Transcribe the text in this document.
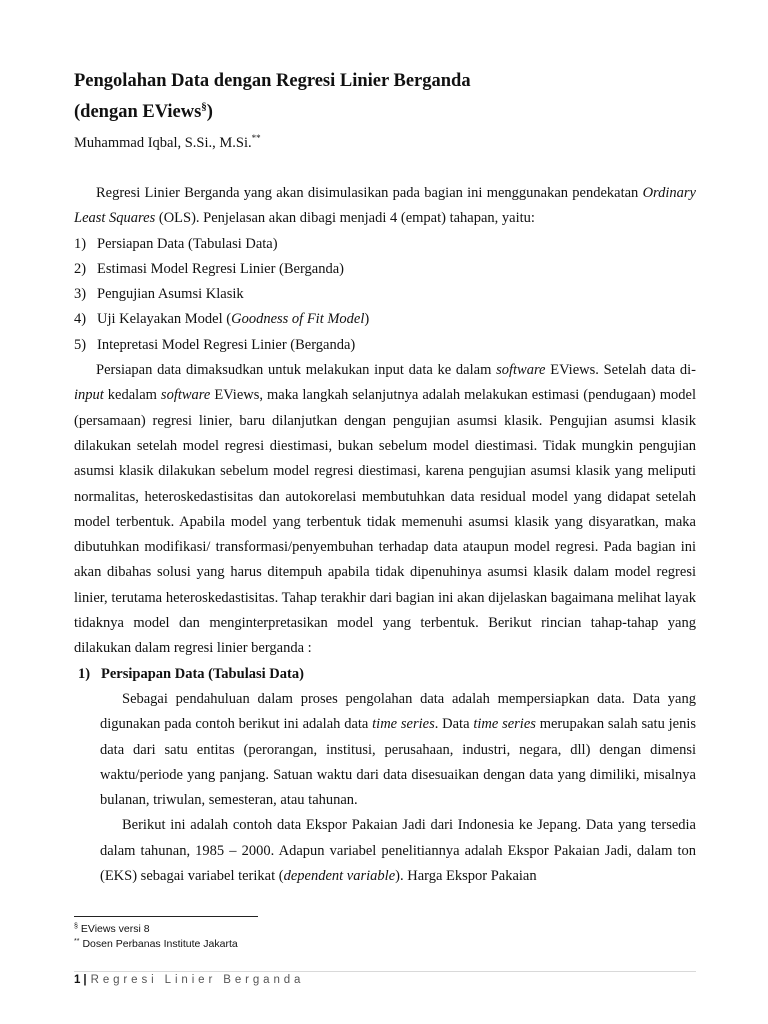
Pengolahan Data dengan Regresi Linier Berganda
(dengan EViews§)
Muhammad Iqbal, S.Si., M.Si.**

Regresi Linier Berganda yang akan disimulasikan pada bagian ini menggunakan pendekatan Ordinary Least Squares (OLS). Penjelasan akan dibagi menjadi 4 (empat) tahapan, yaitu:

1) Persiapan Data (Tabulasi Data)
2) Estimasi Model Regresi Linier (Berganda)
3) Pengujian Asumsi Klasik
4) Uji Kelayakan Model (Goodness of Fit Model)
5) Intepretasi Model Regresi Linier (Berganda)

Persiapan data dimaksudkan untuk melakukan input data ke dalam software EViews. Setelah data di-input kedalam software EViews, maka langkah selanjutnya adalah melakukan estimasi (pendugaan) model (persamaan) regresi linier, baru dilanjutkan dengan pengujian asumsi klasik. Pengujian asumsi klasik dilakukan setelah model regresi diestimasi, bukan sebelum model diestimasi. Tidak mungkin pengujian asumsi klasik dilakukan sebelum model regresi diestimasi, karena pengujian asumsi klasik yang meliputi normalitas, heteroskedastisitas dan autokorelasi membutuhkan data residual model yang didapat setelah model terbentuk. Apabila model yang terbentuk tidak memenuhi asumsi klasik yang disyaratkan, maka dibutuhkan modifikasi/ transformasi/penyembuhan terhadap data ataupun model regresi. Pada bagian ini akan dibahas solusi yang harus ditempuh apabila tidak dipenuhinya asumsi klasik dalam model regresi linier, terutama heteroskedastisitas. Tahap terakhir dari bagian ini akan dijelaskan bagaimana melihat layak tidaknya model dan menginterpretasikan model yang terbentuk. Berikut rincian tahap-tahap yang dilakukan dalam regresi linier berganda :

1) Persipapan Data (Tabulasi Data)

Sebagai pendahuluan dalam proses pengolahan data adalah mempersiapkan data. Data yang digunakan pada contoh berikut ini adalah data time series. Data time series merupakan salah satu jenis data dari satu entitas (perorangan, institusi, perusahaan, industri, negara, dll) dengan dimensi waktu/periode yang panjang. Satuan waktu dari data disesuaikan dengan data yang dimiliki, misalnya bulanan, triwulan, semesteran, atau tahunan.

Berikut ini adalah contoh data Ekspor Pakaian Jadi dari Indonesia ke Jepang. Data yang tersedia dalam tahunan, 1985 – 2000. Adapun variabel penelitiannya adalah Ekspor Pakaian Jadi, dalam ton (EKS) sebagai variabel terikat (dependent variable). Harga Ekspor Pakaian

§ EViews versi 8
** Dosen Perbanas Institute Jakarta
1 | Regresi Linier Berganda
